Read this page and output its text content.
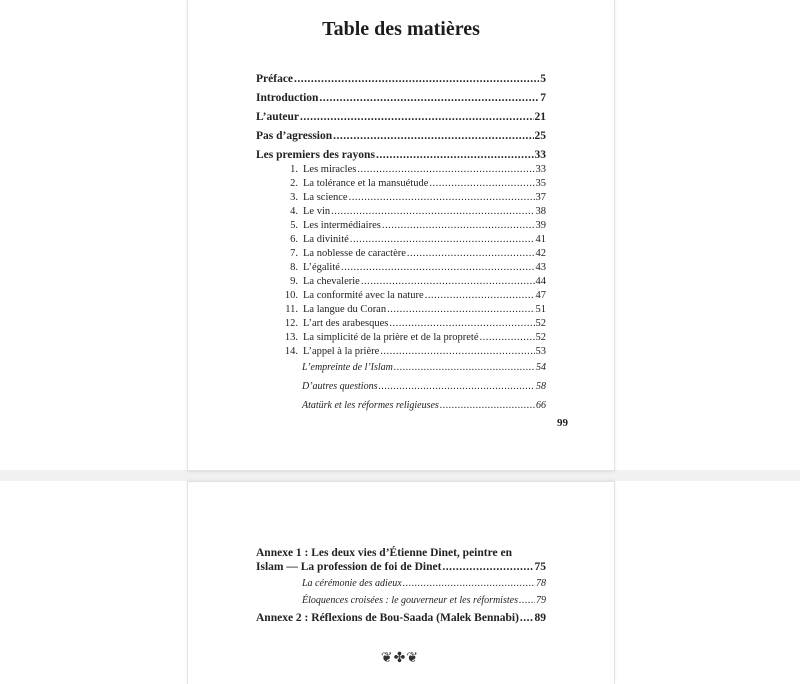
Table des matières
Préface .....	5
Introduction .....	7
L’auteur .....	21
Pas d’agression .....	25
Les premiers des rayons .....	33
1. Les miracles .....	33
2. La tolérance et la mansuétude .....	35
3. La science .....	37
4. Le vin .....	38
5. Les intermédiaires .....	39
6. La divinité .....	41
7. La noblesse de caractère .....	42
8. L’égalité .....	43
9. La chevalerie .....	44
10. La conformité avec la nature .....	47
11. La langue du Coran .....	51
12. L’art des arabesques .....	52
13. La simplicité de la prière et de la propreté .....	52
14. L’appel à la prière .....	53
L’empreinte de l’Islam .....	54
D’autres questions .....	58
Atatürk et les réformes religieuses .....	66
99
Annexe 1 : Les deux vies d’Étienne Dinet, peintre en
Islam — La profession de foi de Dinet .....	75
La cérémonie des adieux .....	78
Éloquences croisées : le gouverneur et les réformistes ..... 79
Annexe 2 : Réflexions de Bou-Saada (Malek Bennabi) ..... 89
❦✤❦
